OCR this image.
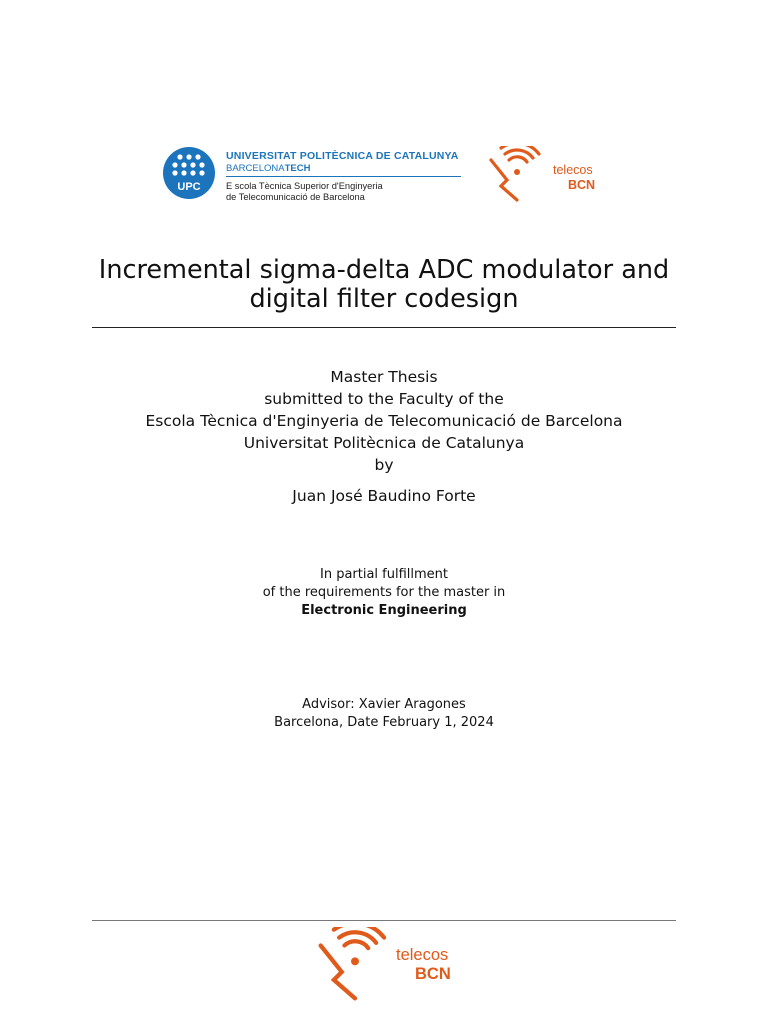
UPC
UNIVERSITAT POLITÈCNICA DE CATALUNYA
BARCELONATECH
E scola Tècnica Superior d'Enginyeria
de Telecomunicació de Barcelona
telecos
BCN
Incremental sigma-delta ADC modulator and
digital filter codesign
Master Thesis
submitted to the Faculty of the
Escola Tècnica d'Enginyeria de Telecomunicació de Barcelona
Universitat Politècnica de Catalunya
by
Juan José Baudino Forte
In partial fulfillment
of the requirements for the master in
Electronic Engineering
Advisor: Xavier Aragones
Barcelona, Date February 1, 2024
telecos
BCN
